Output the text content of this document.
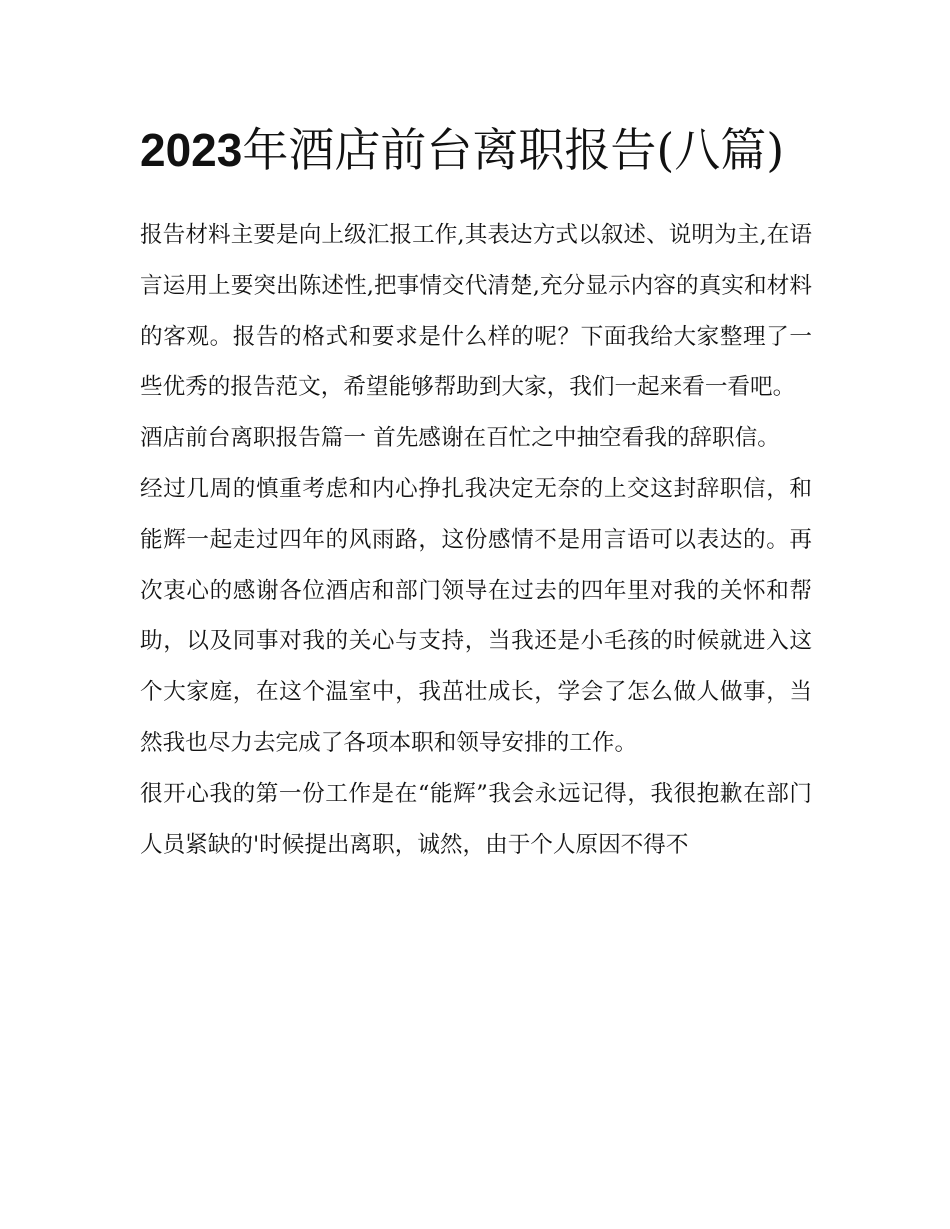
2023年酒店前台离职报告(八篇)

报告材料主要是向上级汇报工作,其表达方式以叙述、说明为主,在语言运用上要突出陈述性,把事情交代清楚,充分显示内容的真实和材料的客观。报告的格式和要求是什么样的呢？下面我给大家整理了一些优秀的报告范文，希望能够帮助到大家，我们一起来看一看吧。

酒店前台离职报告篇一 首先感谢在百忙之中抽空看我的辞职信。

经过几周的慎重考虑和内心挣扎我决定无奈的上交这封辞职信，和能辉一起走过四年的风雨路，这份感情不是用言语可以表达的。再次衷心的感谢各位酒店和部门领导在过去的四年里对我的关怀和帮助，以及同事对我的关心与支持，当我还是小毛孩的时候就进入这个大家庭，在这个温室中，我茁壮成长，学会了怎么做人做事，当然我也尽力去完成了各项本职和领导安排的工作。

很开心我的第一份工作是在“能辉”我会永远记得，我很抱歉在部门人员紧缺的'时候提出离职，诚然，由于个人原因不得不
